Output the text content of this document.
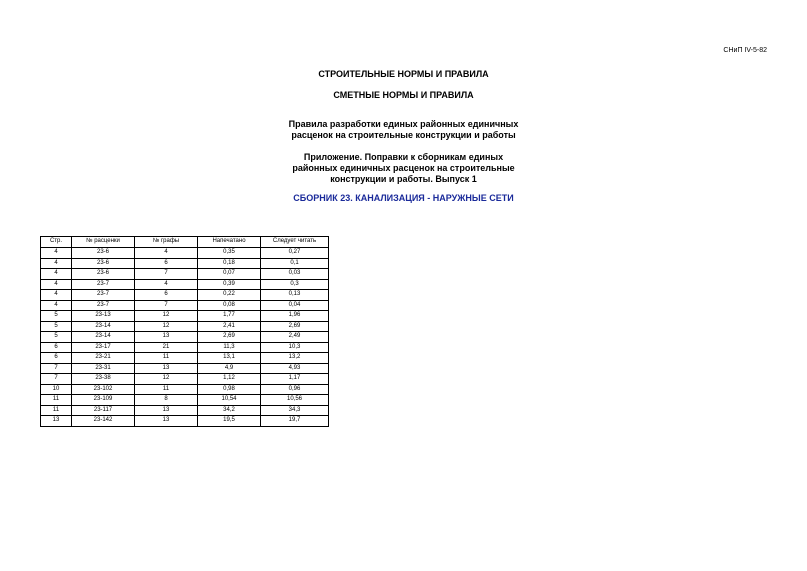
СНиП IV-5-82
СТРОИТЕЛЬНЫЕ НОРМЫ И ПРАВИЛА
СМЕТНЫЕ НОРМЫ И ПРАВИЛА
Правила разработки единых районных единичных
расценок на строительные конструкции и работы
Приложение. Поправки к сборникам единых
районных единичных расценок на строительные
конструкции и работы. Выпуск 1
СБОРНИК 23. КАНАЛИЗАЦИЯ - НАРУЖНЫЕ СЕТИ
Стр.	№ расценки	№ графы	Напечатано	Следует читать
4	23-6	4	0,35	0,27
4	23-6	6	0,18	0,1
4	23-6	7	0,07	0,03
4	23-7	4	0,39	0,3
4	23-7	6	0,22	0,13
4	23-7	7	0,08	0,04
5	23-13	12	1,77	1,96
5	23-14	12	2,41	2,69
5	23-14	13	2,69	2,49
6	23-17	21	11,3	10,3
6	23-21	11	13,1	13,2
7	23-31	13	4,9	4,93
7	23-38	12	1,12	1,17
10	23-102	11	0,98	0,96
11	23-109	8	10,54	10,56
11	23-117	13	34,2	34,3
13	23-142	13	19,5	19,7
